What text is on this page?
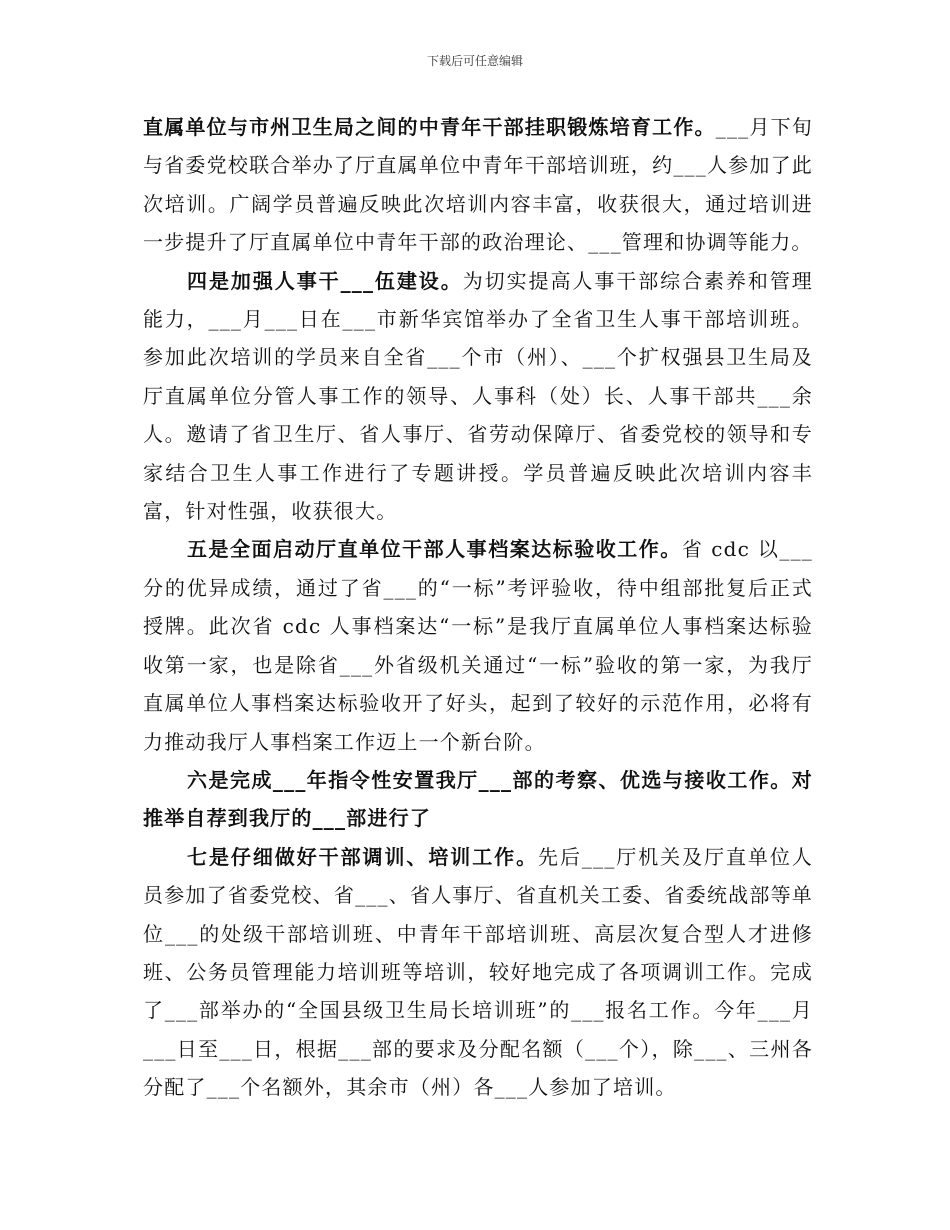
下载后可任意编辑

直属单位与市州卫生局之间的中青年干部挂职锻炼培育工作。___月下旬与省委党校联合举办了厅直属单位中青年干部培训班，约___人参加了此次培训。广阔学员普遍反映此次培训内容丰富，收获很大，通过培训进一步提升了厅直属单位中青年干部的政治理论、___管理和协调等能力。

四是加强人事干___伍建设。为切实提高人事干部综合素养和管理能力，___月___日在___市新华宾馆举办了全省卫生人事干部培训班。参加此次培训的学员来自全省___个市（州）、___个扩权强县卫生局及厅直属单位分管人事工作的领导、人事科（处）长、人事干部共___余人。邀请了省卫生厅、省人事厅、省劳动保障厅、省委党校的领导和专家结合卫生人事工作进行了专题讲授。学员普遍反映此次培训内容丰富，针对性强，收获很大。

五是全面启动厅直单位干部人事档案达标验收工作。省 cdc 以___分的优异成绩，通过了省___的“一标”考评验收，待中组部批复后正式授牌。此次省 cdc 人事档案达“一标”是我厅直属单位人事档案达标验收第一家，也是除省___外省级机关通过“一标”验收的第一家，为我厅直属单位人事档案达标验收开了好头，起到了较好的示范作用，必将有力推动我厅人事档案工作迈上一个新台阶。

六是完成___年指令性安置我厅___部的考察、优选与接收工作。对推举自荐到我厅的___部进行了

七是仔细做好干部调训、培训工作。先后___厅机关及厅直单位人员参加了省委党校、省___、省人事厅、省直机关工委、省委统战部等单位___的处级干部培训班、中青年干部培训班、高层次复合型人才进修班、公务员管理能力培训班等培训，较好地完成了各项调训工作。完成了___部举办的“全国县级卫生局长培训班”的___报名工作。今年___月___日至___日，根据___部的要求及分配名额（___个），除___、三州各分配了___个名额外，其余市（州）各___人参加了培训。
